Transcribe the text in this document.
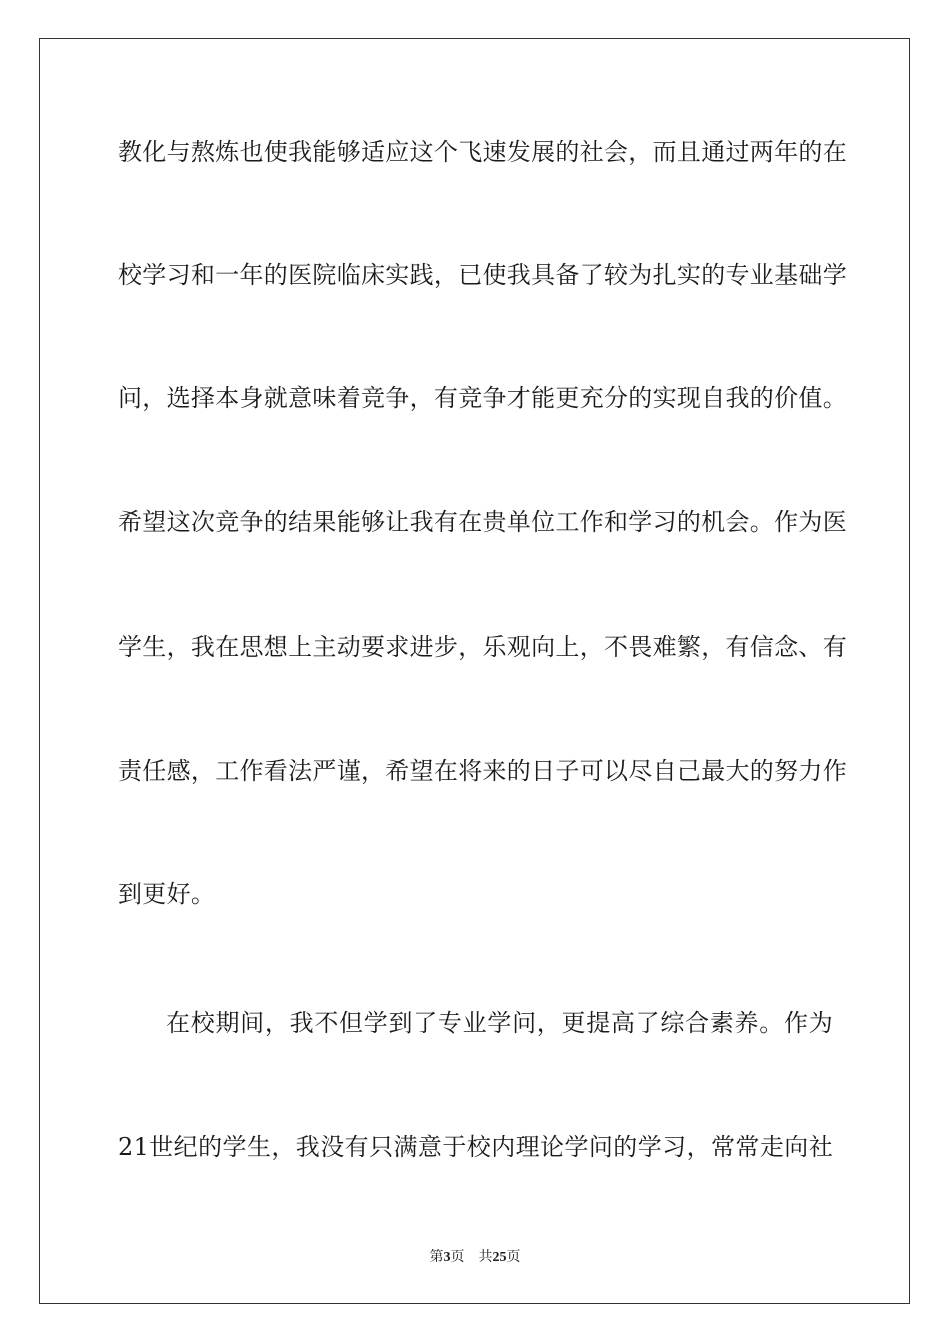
教化与熬炼也使我能够适应这个飞速发展的社会，而且通过两年的在

校学习和一年的医院临床实践，已使我具备了较为扎实的专业基础学

问，选择本身就意味着竞争，有竞争才能更充分的实现自我的价值。

希望这次竞争的结果能够让我有在贵单位工作和学习的机会。作为医

学生，我在思想上主动要求进步，乐观向上，不畏难繁，有信念、有

责任感，工作看法严谨，希望在将来的日子可以尽自己最大的努力作

到更好。

在校期间，我不但学到了专业学问，更提高了综合素养。作为

21世纪的学生，我没有只满意于校内理论学问的学习，常常走向社

第3页 共25页
